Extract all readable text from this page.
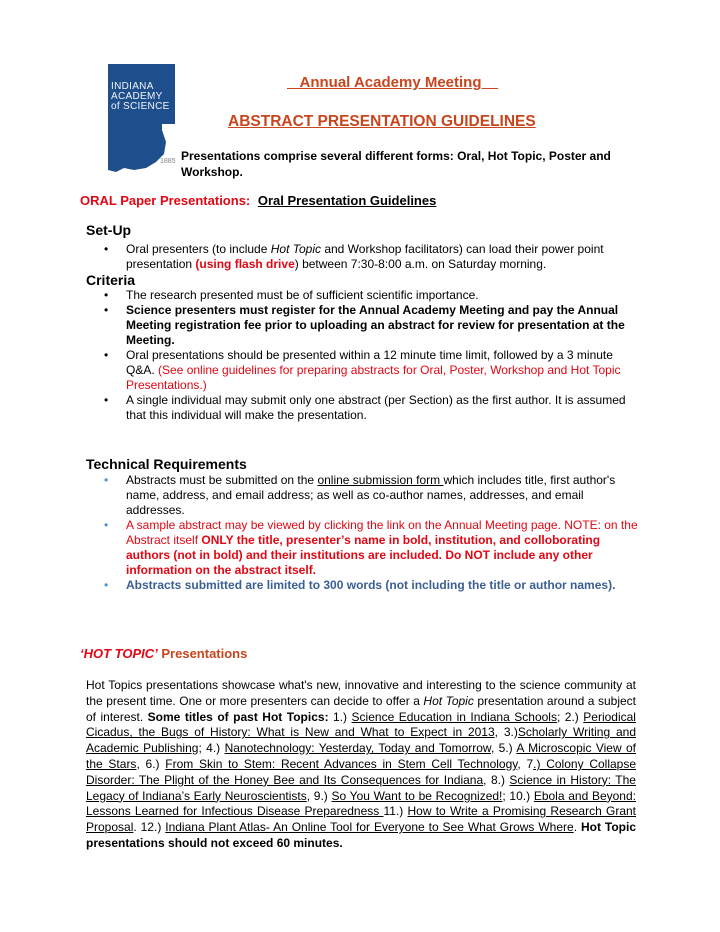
INDIANA
ACADEMY
of SCIENCE
1885
Annual Academy Meeting
ABSTRACT PRESENTATION GUIDELINES
Presentations comprise several different forms: Oral, Hot Topic, Poster and Workshop.
ORAL Paper Presentations: Oral Presentation Guidelines
Set-Up
• Oral presenters (to include Hot Topic and Workshop facilitators) can load their power point presentation (using flash drive) between 7:30-8:00 a.m. on Saturday morning.
Criteria
• The research presented must be of sufficient scientific importance.
• Science presenters must register for the Annual Academy Meeting and pay the Annual Meeting registration fee prior to uploading an abstract for review for presentation at the Meeting.
• Oral presentations should be presented within a 12 minute time limit, followed by a 3 minute Q&A. (See online guidelines for preparing abstracts for Oral, Poster, Workshop and Hot Topic Presentations.)
• A single individual may submit only one abstract (per Section) as the first author. It is assumed that this individual will make the presentation.
Technical Requirements
• Abstracts must be submitted on the online submission form which includes title, first author's name, address, and email address; as well as co-author names, addresses, and email addresses.
• A sample abstract may be viewed by clicking the link on the Annual Meeting page. NOTE: on the Abstract itself ONLY the title, presenter’s name in bold, institution, and colloborating authors (not in bold) and their institutions are included. Do NOT include any other information on the abstract itself.
• Abstracts submitted are limited to 300 words (not including the title or author names).
‘HOT TOPIC’ Presentations
Hot Topics presentations showcase what's new, innovative and interesting to the science community at the present time. One or more presenters can decide to offer a Hot Topic presentation around a subject of interest. Some titles of past Hot Topics: 1.) Science Education in Indiana Schools; 2.) Periodical Cicadus, the Bugs of History: What is New and What to Expect in 2013, 3.)Scholarly Writing and Academic Publishing; 4.) Nanotechnology: Yesterday, Today and Tomorrow, 5.) A Microscopic View of the Stars, 6.) From Skin to Stem: Recent Advances in Stem Cell Technology, 7.) Colony Collapse Disorder: The Plight of the Honey Bee and Its Consequences for Indiana, 8.) Science in History: The Legacy of Indiana’s Early Neuroscientists, 9.) So You Want to be Recognized!; 10.) Ebola and Beyond: Lessons Learned for Infectious Disease Preparedness 11.) How to Write a Promising Research Grant Proposal. 12.) Indiana Plant Atlas- An Online Tool for Everyone to See What Grows Where. Hot Topic presentations should not exceed 60 minutes.
